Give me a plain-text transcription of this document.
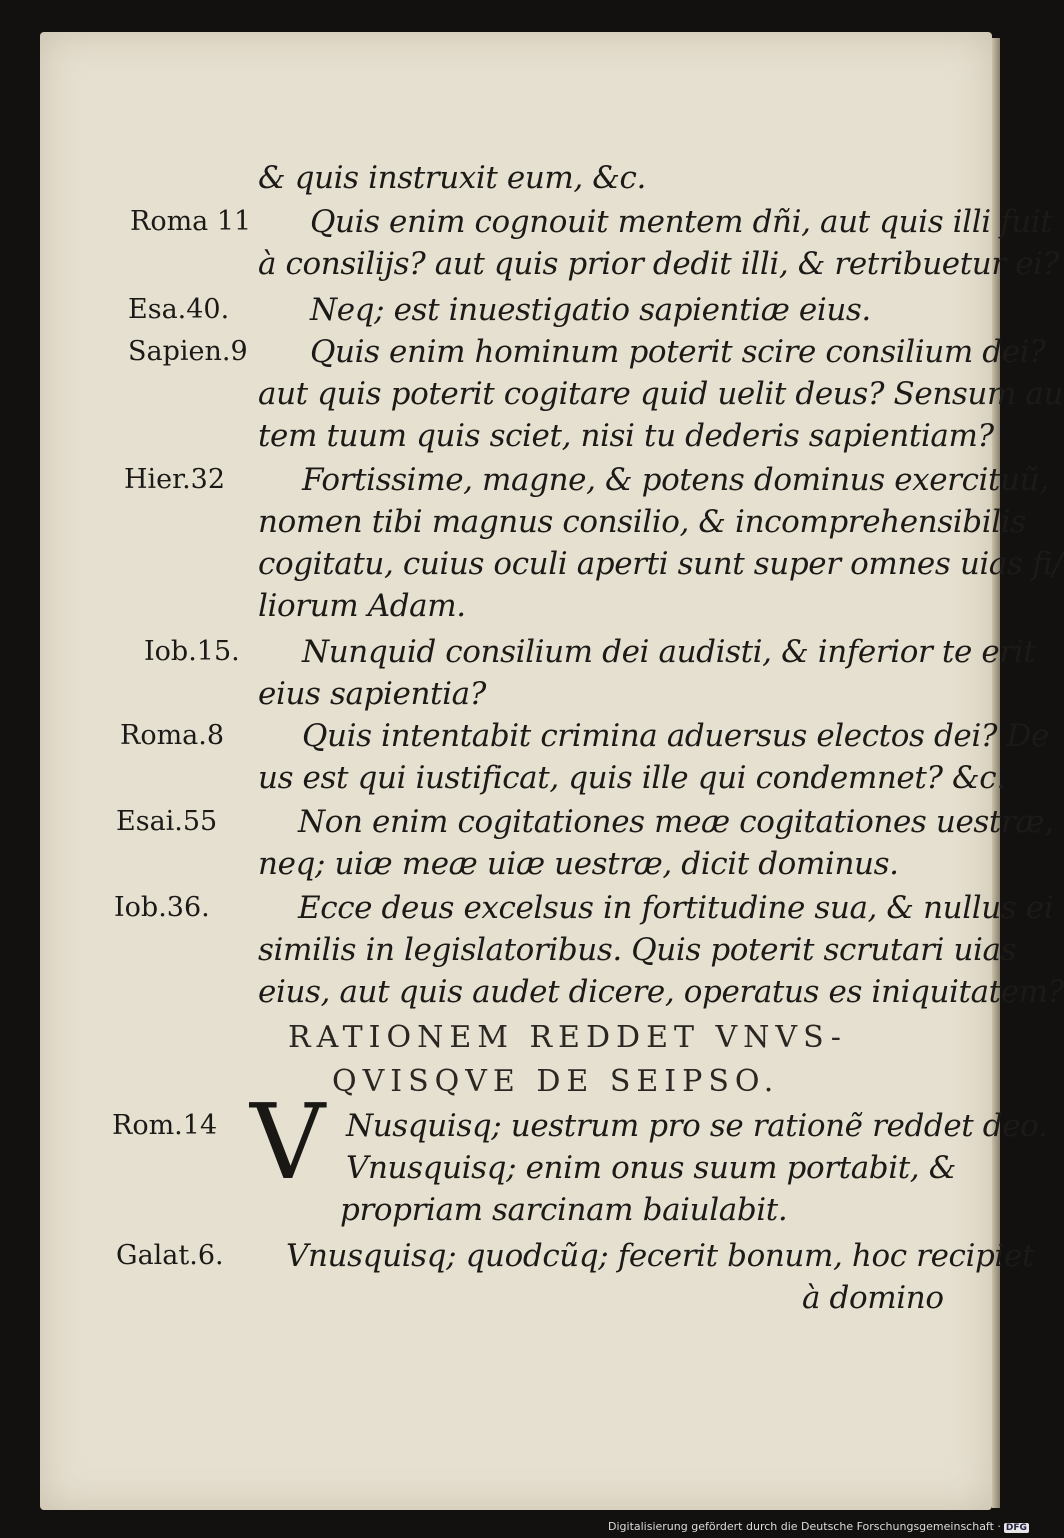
& quis instruxit eum, &c.
Roma 11 Quis enim cognouit mentem dñi, aut quis illi fuit
à consilijs? aut quis prior dedit illi, & retribuetur ei?
Esa.40.	Neq; est inuestigatio sapientiæ eius.
Sapien.9 Quis enim hominum poterit scire consilium dei?
aut quis poterit cogitare quid uelit deus? Sensum au
tem tuum quis sciet, nisi tu dederis sapientiam?
Hier.32 Fortissime, magne, & potens dominus exercituũ,
nomen tibi magnus consilio, & incomprehensibilis
cogitatu, cuius oculi aperti sunt super omnes uias fi/
liorum Adam.
Iob.15. Nunquid consilium dei audisti, & inferior te erit
eius sapientia?
Roma.8	Quis intentabit crimina aduersus electos dei? De
us est qui iustificat, quis ille qui condemnet? &c.
Esai.55	Non enim cogitationes meæ cogitationes uestræ,
neq; uiæ meæ uiæ uestræ, dicit dominus.
Iob.36.	Ecce deus excelsus in fortitudine sua, & nullus ei
similis in legislatoribus. Quis poterit scrutari uias
eius, aut quis audet dicere, operatus es iniquitatem?
RATIONEM REDDET VNVS-
QVISQVE DE SEIPSO.
Rom.14 V Nusquisq; uestrum pro se rationẽ reddet deo.
Vnusquisq; enim onus suum portabit, &
propriam sarcinam baiulabit.
Galat.6. Vnusquisq; quodcũq; fecerit bonum, hoc recipiet
à domino
Digitalisierung gefördert durch die Deutsche Forschungsgemeinschaft · DFG
